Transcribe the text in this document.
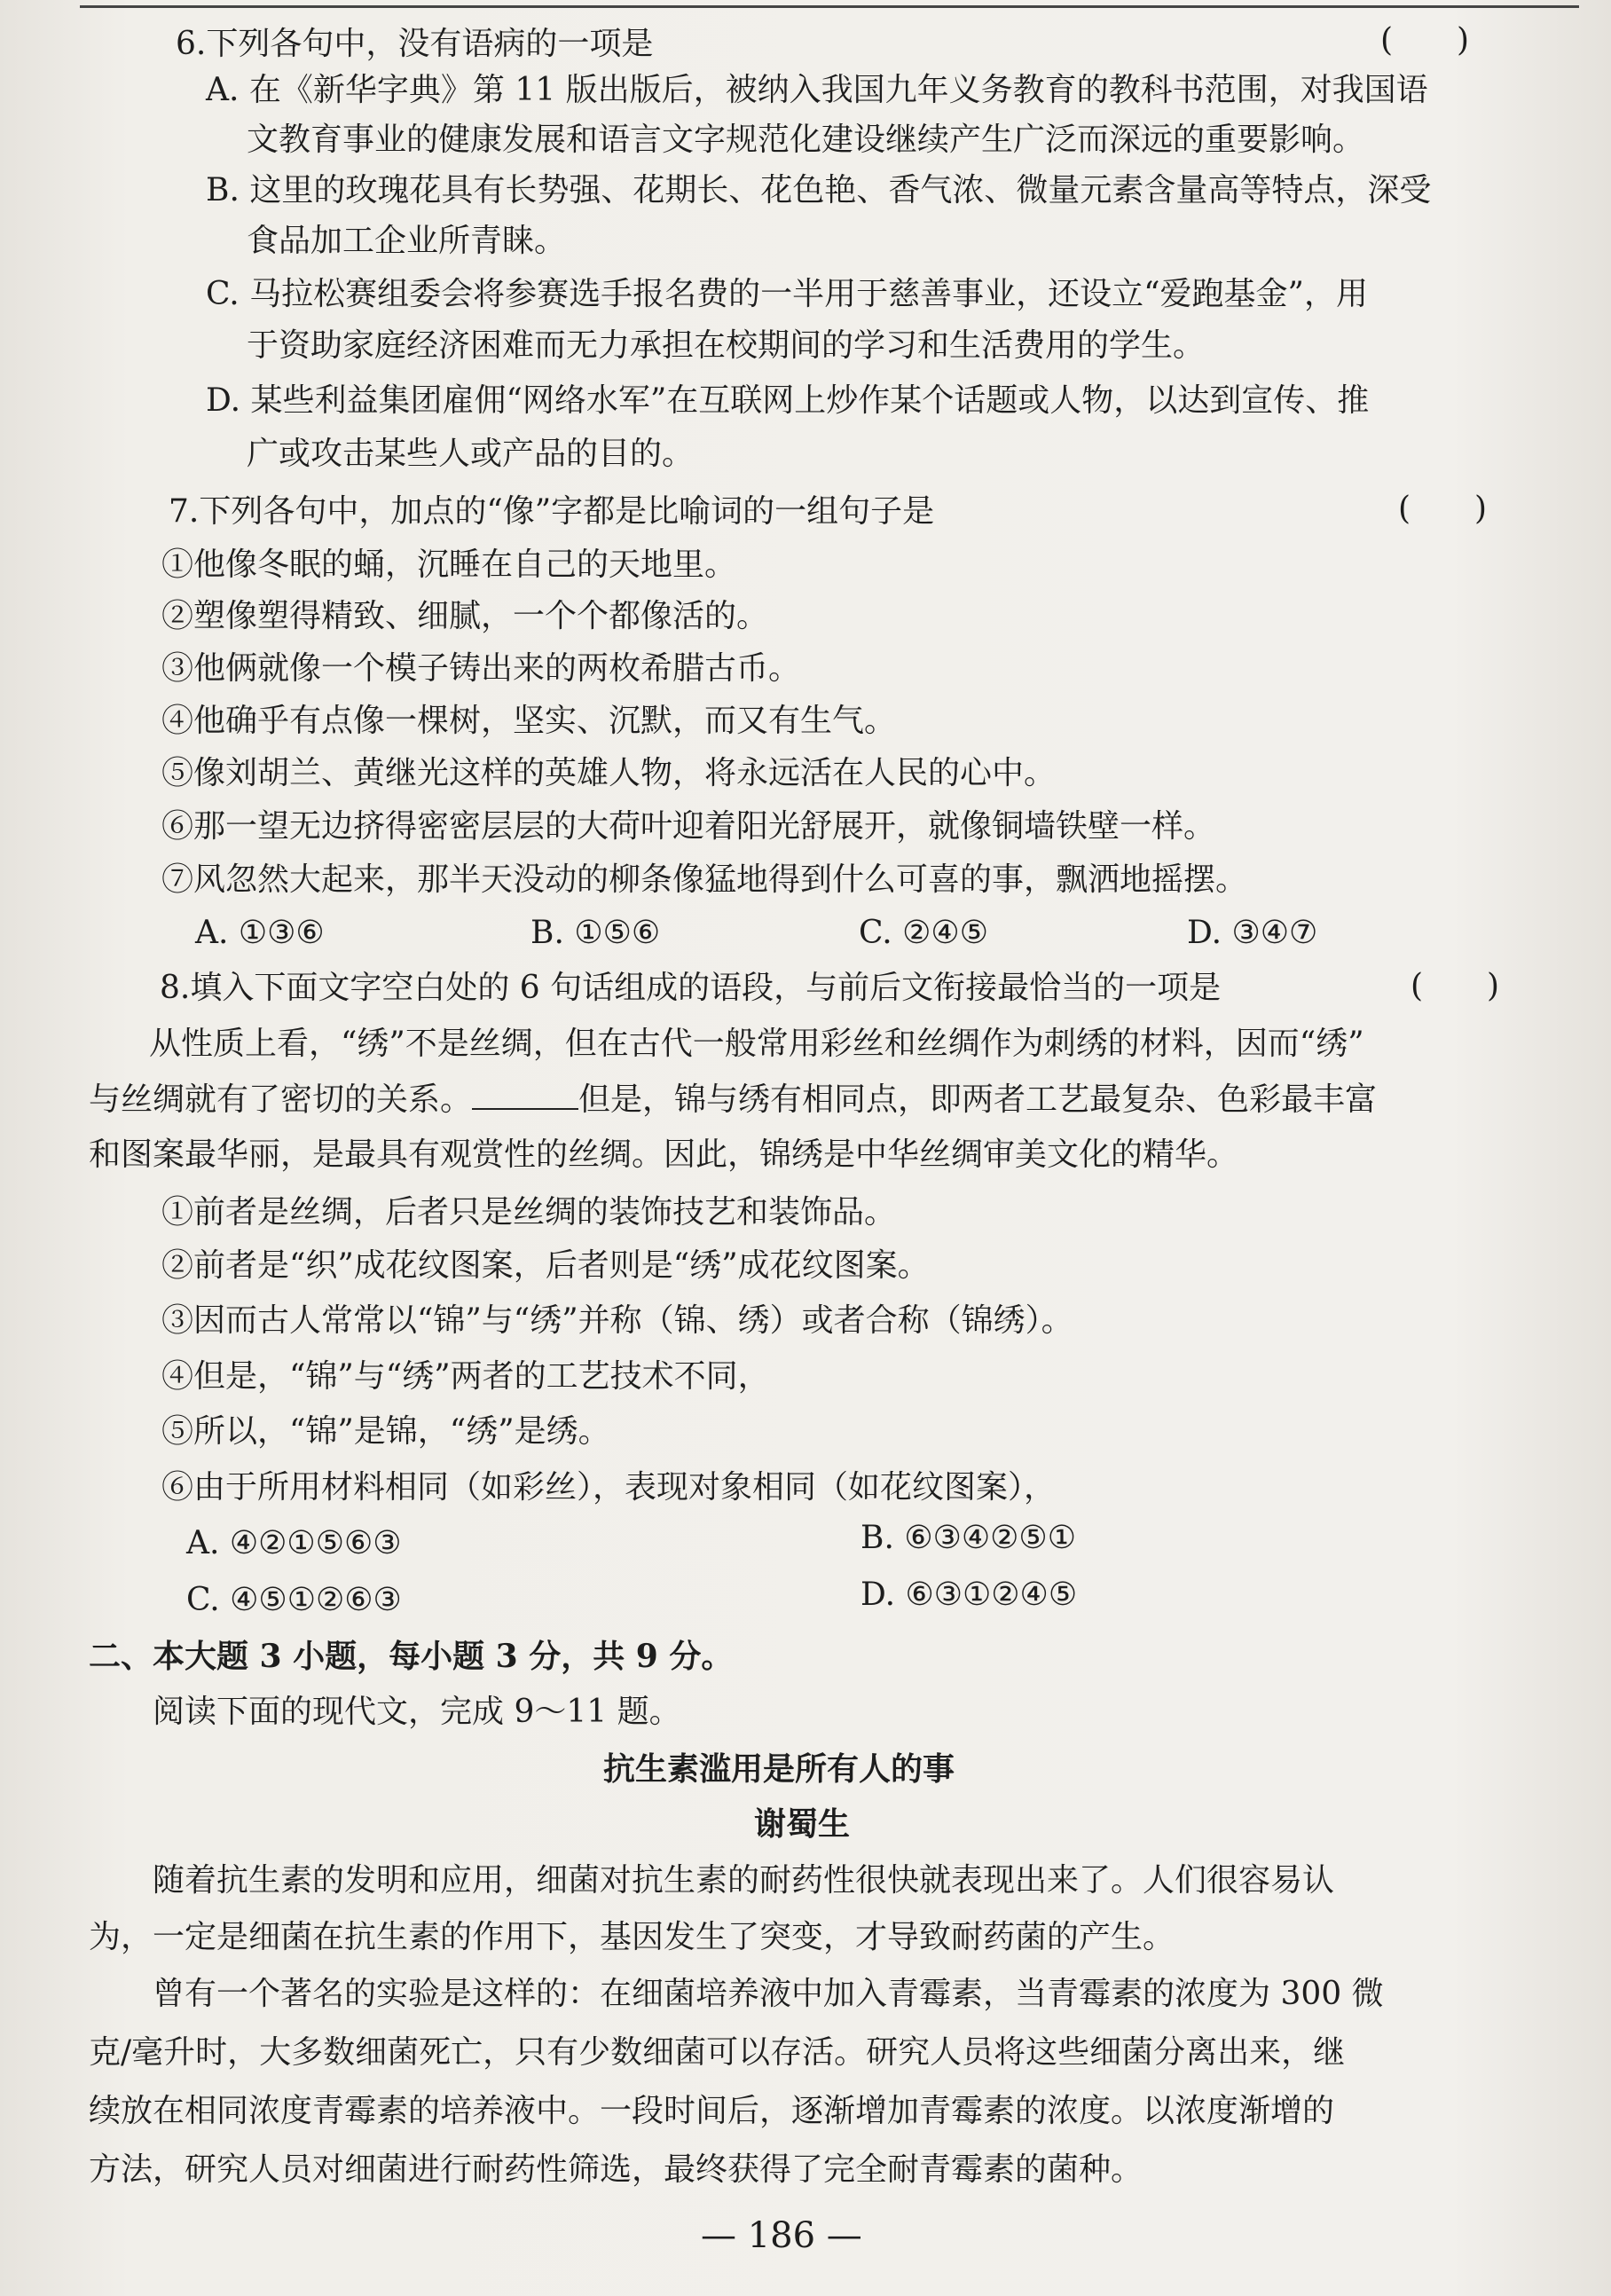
6.下列各句中，没有语病的一项是	(　　)
A. 在《新华字典》第 11 版出版后，被纳入我国九年义务教育的教科书范围，对我国语
文教育事业的健康发展和语言文字规范化建设继续产生广泛而深远的重要影响。
B. 这里的玫瑰花具有长势强、花期长、花色艳、香气浓、微量元素含量高等特点，深受
食品加工企业所青睐。
C. 马拉松赛组委会将参赛选手报名费的一半用于慈善事业，还设立“爱跑基金”，用
于资助家庭经济困难而无力承担在校期间的学习和生活费用的学生。
D. 某些利益集团雇佣“网络水军”在互联网上炒作某个话题或人物，以达到宣传、推
广或攻击某些人或产品的目的。
7.下列各句中，加点的“像”字都是比喻词的一组句子是	(　　)
①他像冬眠的蛹，沉睡在自己的天地里。
②塑像塑得精致、细腻，一个个都像活的。
③他俩就像一个模子铸出来的两枚希腊古币。
④他确乎有点像一棵树，坚实、沉默，而又有生气。
⑤像刘胡兰、黄继光这样的英雄人物，将永远活在人民的心中。
⑥那一望无边挤得密密层层的大荷叶迎着阳光舒展开，就像铜墙铁壁一样。
⑦风忽然大起来，那半天没动的柳条像猛地得到什么可喜的事，飘洒地摇摆。
A. ①③⑥	B. ①⑤⑥	C. ②④⑤	D. ③④⑦
8.填入下面文字空白处的 6 句话组成的语段，与前后文衔接最恰当的一项是	(　　)
从性质上看，“绣”不是丝绸，但在古代一般常用彩丝和丝绸作为刺绣的材料，因而“绣”
与丝绸就有了密切的关系。	但是，锦与绣有相同点，即两者工艺最复杂、色彩最丰富
和图案最华丽，是最具有观赏性的丝绸。因此，锦绣是中华丝绸审美文化的精华。
①前者是丝绸，后者只是丝绸的装饰技艺和装饰品。
②前者是“织”成花纹图案，后者则是“绣”成花纹图案。
③因而古人常常以“锦”与“绣”并称（锦、绣）或者合称（锦绣）。
④但是，“锦”与“绣”两者的工艺技术不同，
⑤所以，“锦”是锦，“绣”是绣。
⑥由于所用材料相同（如彩丝），表现对象相同（如花纹图案），
A. ④②①⑤⑥③	B. ⑥③④②⑤①
C. ④⑤①②⑥③	D. ⑥③①②④⑤
二、本大题 3 小题，每小题 3 分，共 9 分。
阅读下面的现代文，完成 9～11 题。
抗生素滥用是所有人的事
谢蜀生
随着抗生素的发明和应用，细菌对抗生素的耐药性很快就表现出来了。人们很容易认
为，一定是细菌在抗生素的作用下，基因发生了突变，才导致耐药菌的产生。
曾有一个著名的实验是这样的：在细菌培养液中加入青霉素，当青霉素的浓度为 300 微
克/毫升时，大多数细菌死亡，只有少数细菌可以存活。研究人员将这些细菌分离出来，继
续放在相同浓度青霉素的培养液中。一段时间后，逐渐增加青霉素的浓度。以浓度渐增的
方法，研究人员对细菌进行耐药性筛选，最终获得了完全耐青霉素的菌种。
— 186 —
